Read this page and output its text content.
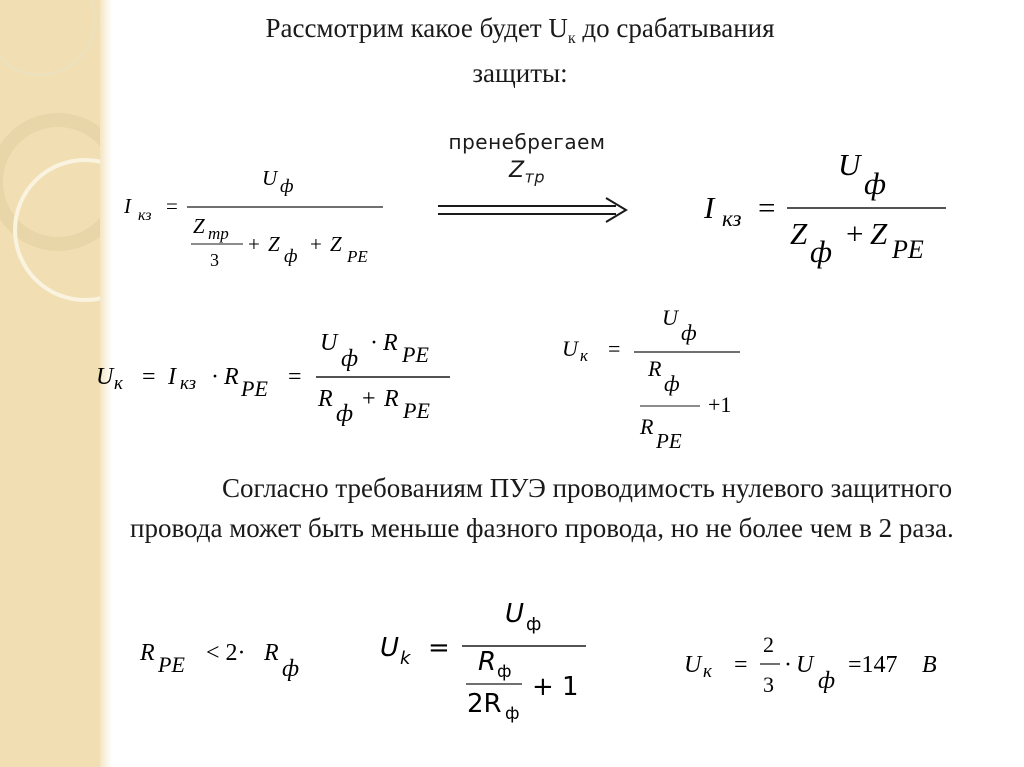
Рассмотрим какое будет $U_к$ до срабатывания
защиты:
пренебрегаем
$Z_{тр}$
I кз =
U ф
Z тр
3
+ Z
ф
+ Z
PE
I кз =
U
ф
Z
ф
+ Z PE
U к = I кз · R PE =
U
ф
· R PE
R
ф
+ R PE
U к =
U
ф
R
ф
R
PE
+1
R PE < 2· R
ф
U k =
U ф
R ф
2R ф
+ 1
U к =
2
3
· U
ф
=147 B
Согласно требованиям ПУЭ проводимость нулевого защитного провода может быть меньше фазного провода, но не более чем в 2 раза.
